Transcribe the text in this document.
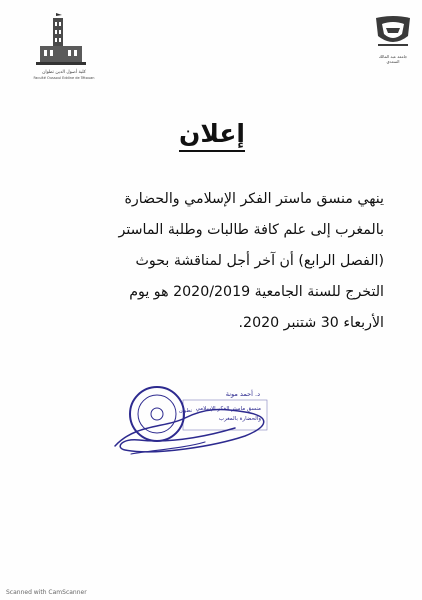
كلية أصول الدين تطوان
Faculté Oussoul Eddine de Tétouan
جامعة عبد المالك السعدي
إعلان
ينهي منسق ماستر الفكر الإسلامي والحضارة
بالمغرب إلى علم كافة طالبات وطلبة الماستر
(الفصل الرابع) أن آخر أجل لمناقشة بحوث
التخرج للسنة الجامعية 2020/2019 هو يوم
الأربعاء 30 شتنبر 2020.
د. أحمد مونة
منسق ماستر الفكر الإسلامي
والحضارة بالمغرب
تطوان
Scanned with CamScanner
